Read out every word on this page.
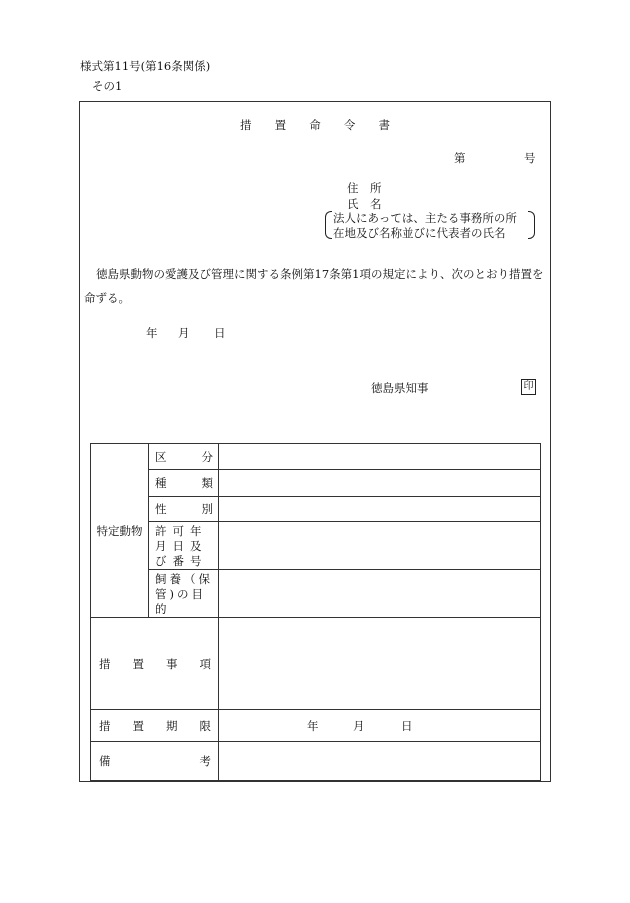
様式第11号(第16条関係)
その1
措 置 命 令 書
第	号
住　所
氏　名
法人にあっては、主たる事務所の所
在地及び名称並びに代表者の氏名
徳島県動物の愛護及び管理に関する条例第17条第1項の規定により、次のとおり措置を
命ずる。
年 月 日
徳島県知事	印
特定動物	区 分	

	種 類	

	性 別	

	許可年月日及び番号	

	飼養（保管)の目的	

措 置 事 項		

措 置 期 限		年 月 日

備 考		
